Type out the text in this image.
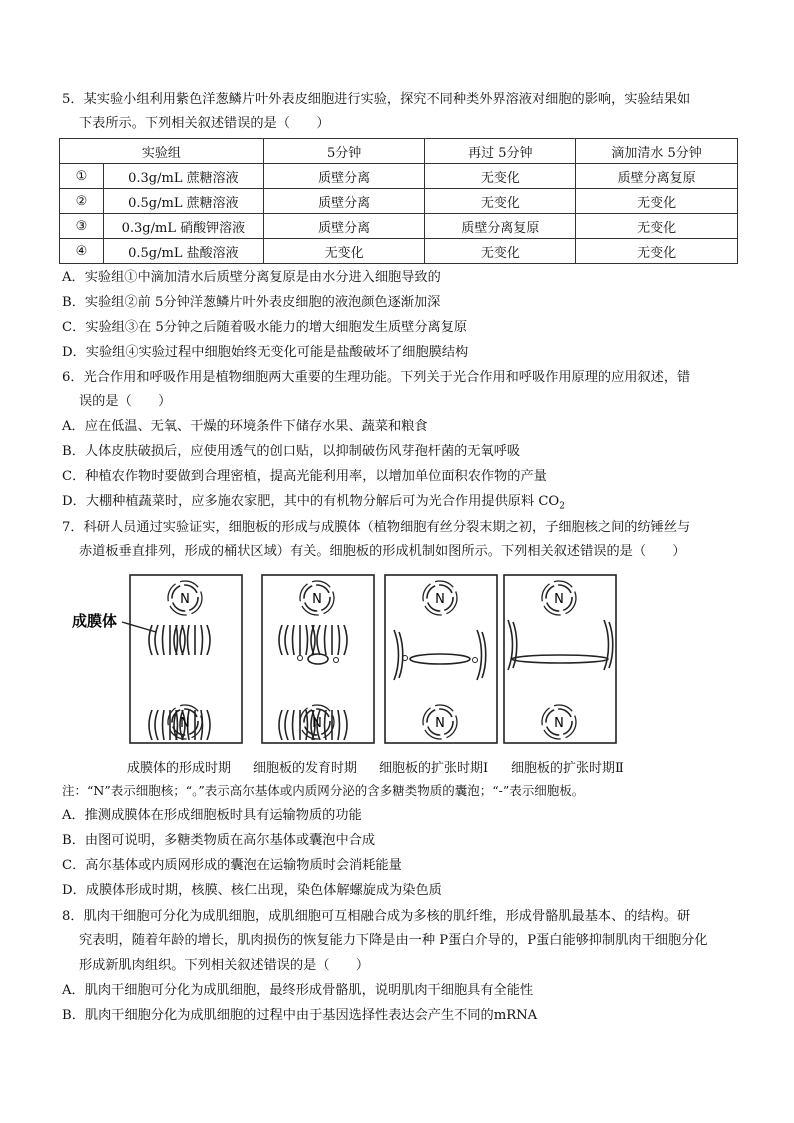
5．某实验小组利用紫色洋葱鳞片叶外表皮细胞进行实验，探究不同种类外界溶液对细胞的影响，实验结果如
下表所示。下列相关叙述错误的是（　　）
实验组		5分钟	再过 5分钟	滴加清水 5分钟
①	0.3g/mL 蔗糖溶液	质壁分离	无变化	质壁分离复原
②	0.5g/mL 蔗糖溶液	质壁分离	无变化	无变化
③	0.3g/mL 硝酸钾溶液	质壁分离	质壁分离复原	无变化
④	0.5g/mL 盐酸溶液	无变化	无变化	无变化
A．实验组①中滴加清水后质壁分离复原是由水分进入细胞导致的
B．实验组②前 5分钟洋葱鳞片叶外表皮细胞的液泡颜色逐渐加深
C．实验组③在 5分钟之后随着吸水能力的增大细胞发生质壁分离复原
D．实验组④实验过程中细胞始终无变化可能是盐酸破坏了细胞膜结构
6．光合作用和呼吸作用是植物细胞两大重要的生理功能。下列关于光合作用和呼吸作用原理的应用叙述，错
误的是（　　）
A．应在低温、无氧、干燥的环境条件下储存水果、蔬菜和粮食
B．人体皮肤破损后，应使用透气的创口贴，以抑制破伤风芽孢杆菌的无氧呼吸
C．种植农作物时要做到合理密植，提高光能利用率，以增加单位面积农作物的产量
D．大棚种植蔬菜时，应多施农家肥，其中的有机物分解后可为光合作用提供原料 $CO_2$
7．科研人员通过实验证实，细胞板的形成与成膜体（植物细胞有丝分裂末期之初，子细胞核之间的纺锤丝与
赤道板垂直排列，形成的桶状区域）有关。细胞板的形成机制如图所示。下列相关叙述错误的是（　　）
N
N
成膜体
N
N
N
N
N
N
成膜体的形成时期 细胞板的发育时期 细胞板的扩张时期Ⅰ 细胞板的扩张时期Ⅱ
注：“N”表示细胞核；“。”表示高尔基体或内质网分泌的含多糖类物质的囊泡；“-”表示细胞板。
A．推测成膜体在形成细胞板时具有运输物质的功能
B．由图可说明，多糖类物质在高尔基体或囊泡中合成
C．高尔基体或内质网形成的囊泡在运输物质时会消耗能量
D．成膜体形成时期，核膜、核仁出现，染色体解螺旋成为染色质
8．肌肉干细胞可分化为成肌细胞，成肌细胞可互相融合成为多核的肌纤维，形成骨骼肌最基本、的结构。研
究表明，随着年龄的增长，肌肉损伤的恢复能力下降是由一种 P蛋白介导的，P蛋白能够抑制肌肉干细胞分化
形成新肌肉组织。下列相关叙述错误的是（　　）
A．肌肉干细胞可分化为成肌细胞，最终形成骨骼肌，说明肌肉干细胞具有全能性
B．肌肉干细胞分化为成肌细胞的过程中由于基因选择性表达会产生不同的mRNA
